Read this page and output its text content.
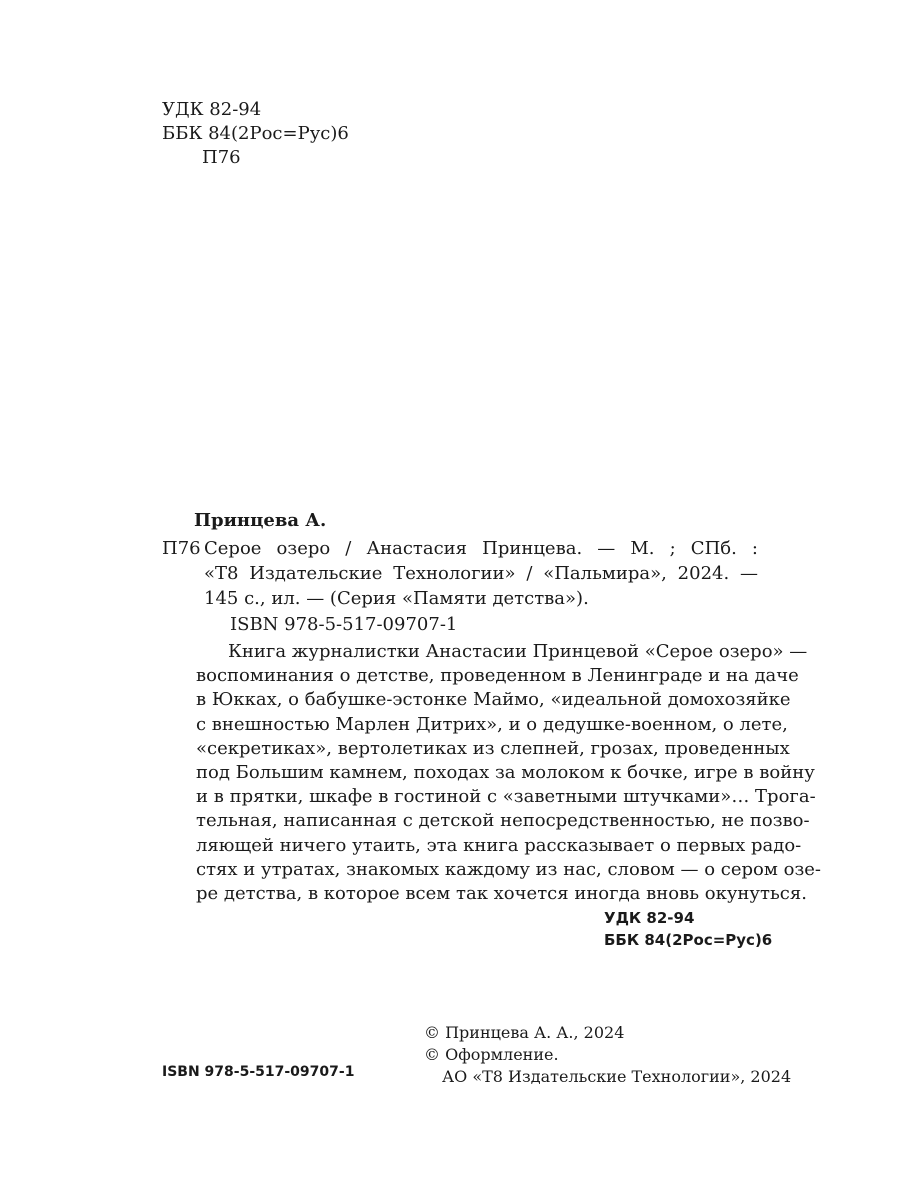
УДК 82-94
ББК 84(2Рос=Рус)6
П76
Принцева А.
П76 Серое озеро / Анастасия Принцева. — М. ; СПб. :
«Т8 Издательские Технологии» / «Пальмира», 2024. —
145 с., ил. — (Серия «Памяти детства»).
ISBN 978-5-517-09707-1
Книга журналистки Анастасии Принцевой «Серое озеро» —
воспоминания о детстве, проведенном в Ленинграде и на даче
в Юкках, о бабушке-эстонке Маймо, «идеальной домохозяйке
с внешностью Марлен Дитрих», и о дедушке-военном, о лете,
«секретиках», вертолетиках из слепней, грозах, проведенных
под Большим камнем, походах за молоком к бочке, игре в войну
и в прятки, шкафе в гостиной с «заветными штучками»… Трога-
тельная, написанная с детской непосредственностью, не позво-
ляющей ничего утаить, эта книга рассказывает о первых радо-
стях и утратах, знакомых каждому из нас, словом — о сером озе-
ре детства, в которое всем так хочется иногда вновь окунуться.
УДК 82-94
ББК 84(2Рос=Рус)6
© Принцева А. А., 2024
© Оформление.
АО «Т8 Издательские Технологии», 2024
ISBN 978-5-517-09707-1
